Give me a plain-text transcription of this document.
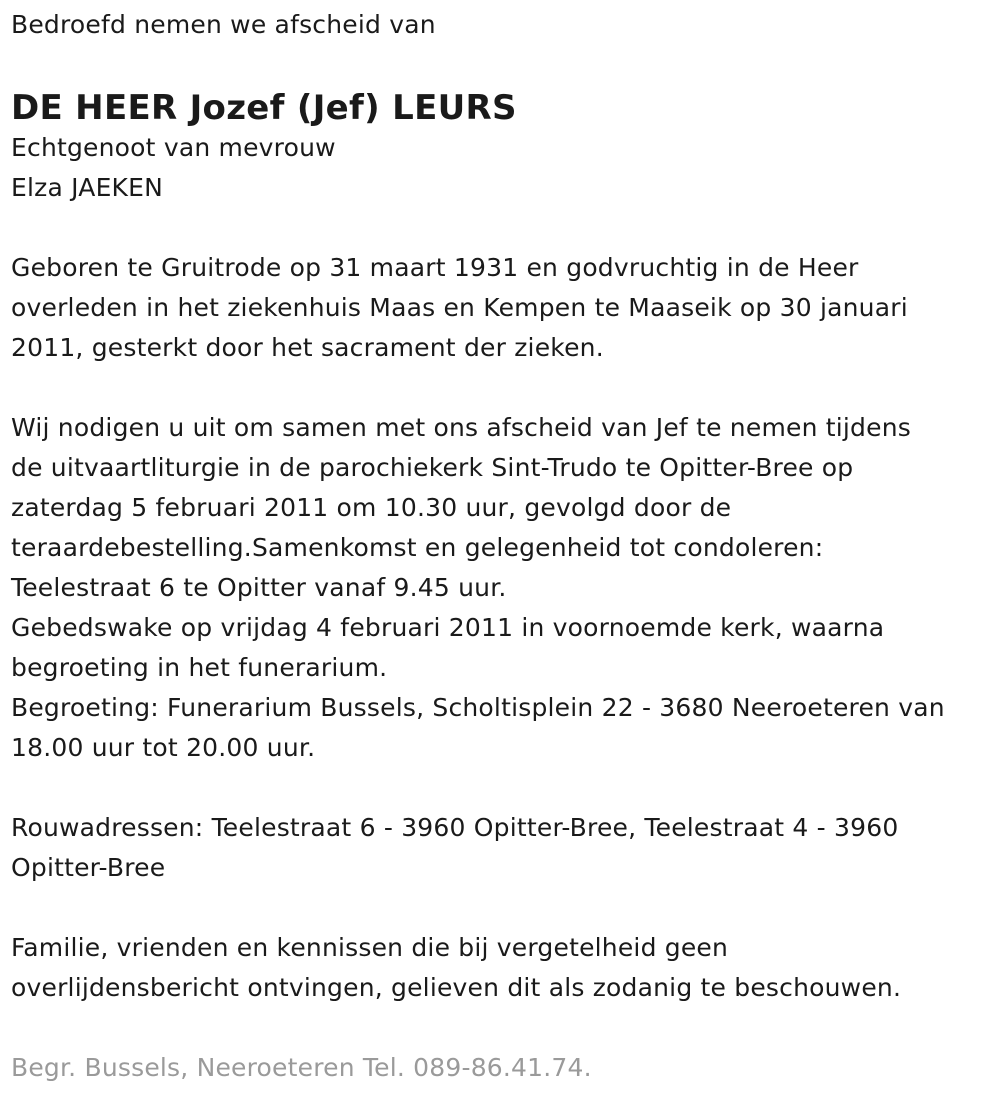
Bedroefd nemen we afscheid van
DE HEER Jozef (Jef) LEURS
Echtgenoot van mevrouw
Elza JAEKEN
Geboren te Gruitrode op 31 maart 1931 en godvruchtig in de Heer
overleden in het ziekenhuis Maas en Kempen te Maaseik op 30 januari
2011, gesterkt door het sacrament der zieken.
Wij nodigen u uit om samen met ons afscheid van Jef te nemen tijdens
de uitvaartliturgie in de parochiekerk Sint-Trudo te Opitter-Bree op
zaterdag 5 februari 2011 om 10.30 uur, gevolgd door de
teraardebestelling.Samenkomst en gelegenheid tot condoleren:
Teelestraat 6 te Opitter vanaf 9.45 uur.
Gebedswake op vrijdag 4 februari 2011 in voornoemde kerk, waarna
begroeting in het funerarium.
Begroeting: Funerarium Bussels, Scholtisplein 22 - 3680 Neeroeteren van
18.00 uur tot 20.00 uur.
Rouwadressen: Teelestraat 6 - 3960 Opitter-Bree, Teelestraat 4 - 3960
Opitter-Bree
Familie, vrienden en kennissen die bij vergetelheid geen
overlijdensbericht ontvingen, gelieven dit als zodanig te beschouwen.
Begr. Bussels, Neeroeteren Tel. 089-86.41.74.
